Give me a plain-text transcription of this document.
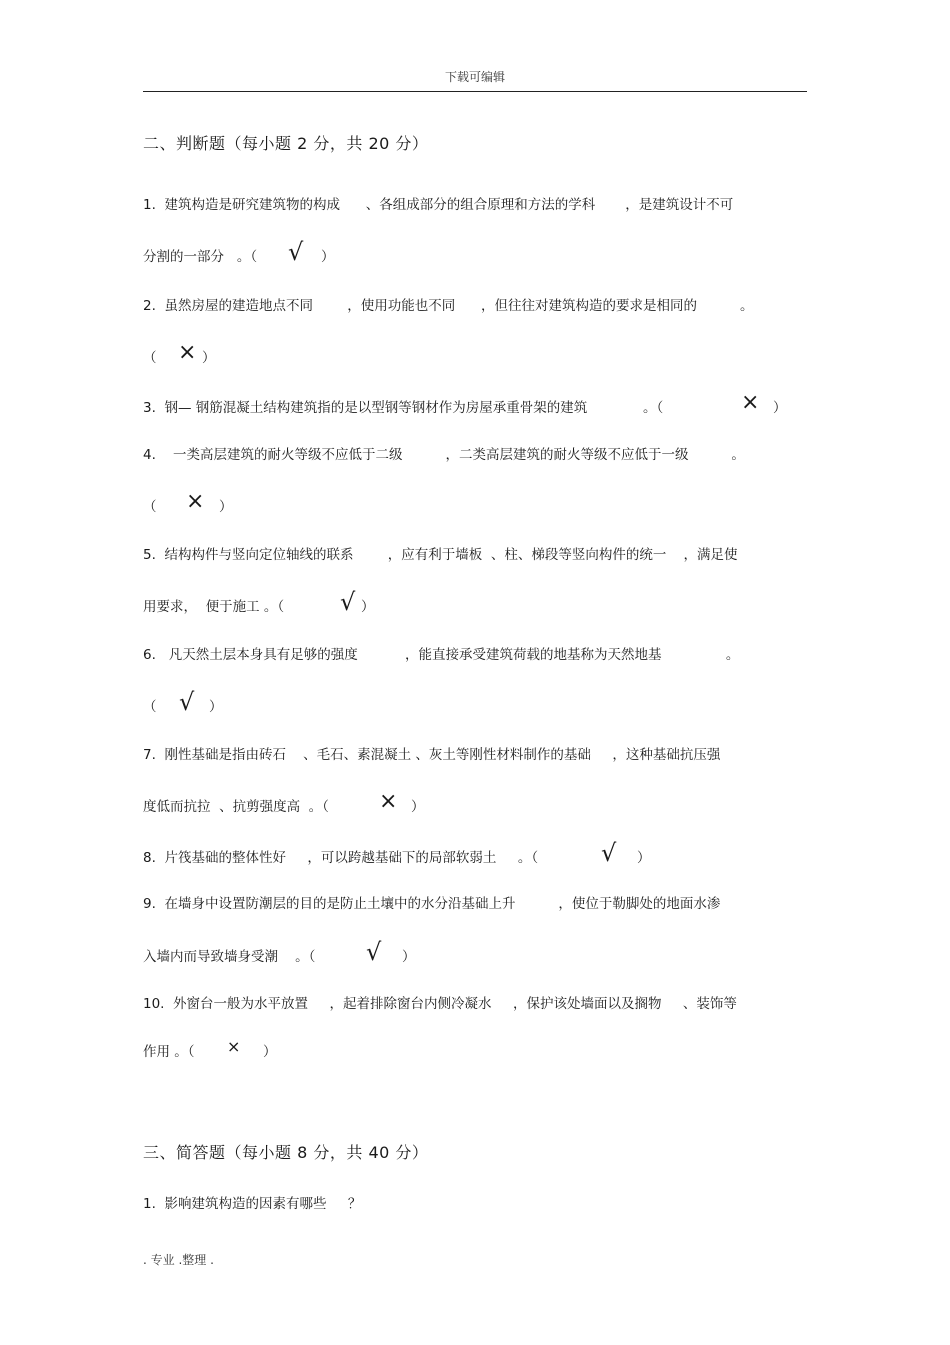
下载可编辑
二、判断题（每小题 2 分，共 20 分）
1.  建筑构造是研究建筑物的构成      、各组成部分的组合原理和方法的学科       ，是建筑设计不可
分割的一部分   。（ √ ）
2.  虽然房屋的建造地点不同        ，使用功能也不同      ，但往往对建筑构造的要求是相同的          。
（ × ）
3.  钢— 钢筋混凝土结构建筑指的是以型钢等钢材作为房屋承重骨架的建筑             。（	× ）
4.    一类高层建筑的耐火等级不应低于二级          ，二类高层建筑的耐火等级不应低于一级          。
（ × ）
5.  结构构件与竖向定位轴线的联系        ，应有利于墙板  、柱、梯段等竖向构件的统一    ，满足使
用要求，  便于施工 。（ √ ）
6.   凡天然土层本身具有足够的强度           ，能直接承受建筑荷载的地基称为天然地基               。
（ √ ）
7.  刚性基础是指由砖石    、毛石、素混凝土 、灰土等刚性材料制作的基础     ，这种基础抗压强
度低而抗拉  、抗剪强度高  。（ × ）
8.  片筏基础的整体性好     ，可以跨越基础下的局部软弱土     。（	√ ）
9.  在墙身中设置防潮层的目的是防止土壤中的水分沿基础上升          ，使位于勒脚处的地面水渗
入墙内而导致墙身受潮    。（ √ ）
10.  外窗台一般为水平放置     ，起着排除窗台内侧冷凝水     ，保护该处墙面以及搁物     、装饰等
作用 。（ × ）
三、简答题（每小题 8 分，共 40 分）
1.  影响建筑构造的因素有哪些     ？
. 专业 .整理 .
